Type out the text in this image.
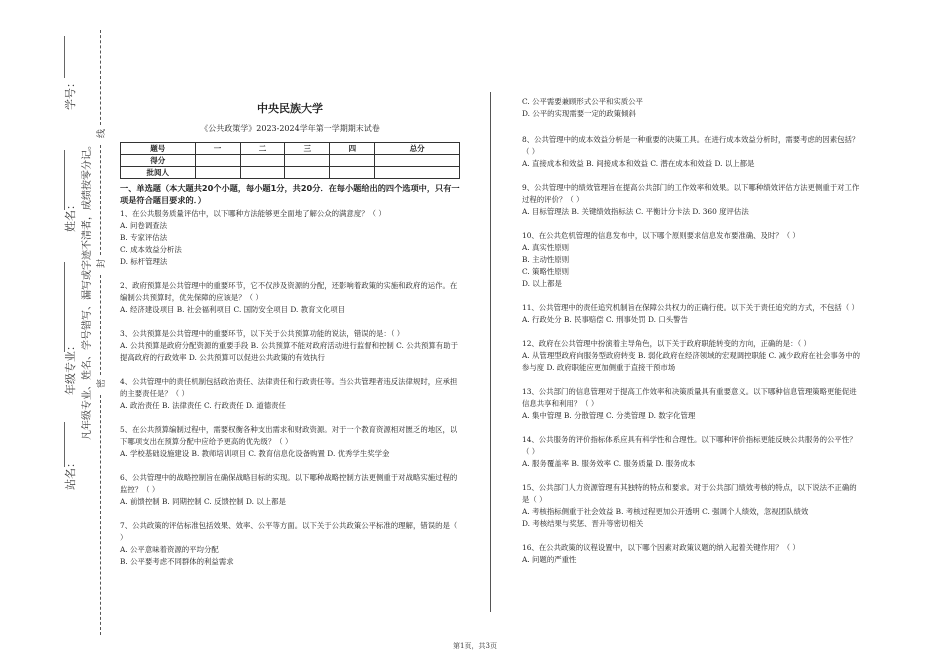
学号：
姓名：
年级专业：
站名：
凡年级专业、姓名、学号错写、漏写或字迹不清者，成绩按零分记。
线
封
密
中央民族大学
《公共政策学》2023-2024学年第一学期期末试卷
题号	一	二	三	四	总分
得分					
批阅人					
一、单选题（本大题共20个小题，每小题1分，共20分．在每小题给出的四个选项中，只有一项是符合题目要求的．）
1、在公共服务质量评估中，以下哪种方法能够更全面地了解公众的满意度？（ ）
A. 问卷调查法
B. 专家评估法
C. 成本效益分析法
D. 标杆管理法
2、政府预算是公共管理中的重要环节，它不仅涉及资源的分配，还影响着政策的实施和政府的运作。在编制公共预算时，优先保障的应该是？（ ）
A. 经济建设项目 B. 社会福利项目 C. 国防安全项目 D. 教育文化项目
3、公共预算是公共管理中的重要环节，以下关于公共预算功能的说法，错误的是：（ ）
A. 公共预算是政府分配资源的重要手段 B. 公共预算不能对政府活动进行监督和控制 C. 公共预算有助于提高政府的行政效率 D. 公共预算可以促进公共政策的有效执行
4、公共管理中的责任机制包括政治责任、法律责任和行政责任等。当公共管理者违反法律规时，应承担的主要责任是？（ ）
A. 政治责任 B. 法律责任 C. 行政责任 D. 道德责任
5、在公共预算编制过程中，需要权衡各种支出需求和财政资源。对于一个教育资源相对匮乏的地区，以下哪项支出在预算分配中应给予更高的优先级？（ ）
A. 学校基础设施建设 B. 教师培训项目 C. 教育信息化设备购置 D. 优秀学生奖学金
6、公共管理中的战略控制旨在确保战略目标的实现。以下哪种战略控制方法更侧重于对战略实施过程的监控？（ ）
A. 前馈控制 B. 同期控制 C. 反馈控制 D. 以上都是
7、公共政策的评估标准包括效果、效率、公平等方面。以下关于公共政策公平标准的理解，错误的是（ ）
A. 公平意味着资源的平均分配
B. 公平要考虑不同群体的利益需求
C. 公平需要兼顾形式公平和实质公平
D. 公平的实现需要一定的政策倾斜
8、公共管理中的成本效益分析是一种重要的决策工具。在进行成本效益分析时，需要考虑的因素包括？（ ）
A. 直接成本和效益 B. 间接成本和效益 C. 潜在成本和效益 D. 以上都是
9、公共管理中的绩效管理旨在提高公共部门的工作效率和效果。以下哪种绩效评估方法更侧重于对工作过程的评价？（ ）
A. 目标管理法 B. 关键绩效指标法 C. 平衡计分卡法 D. 360 度评估法
10、在公共危机管理的信息发布中，以下哪个原则要求信息发布要准确、及时？（ ）
A. 真实性原则
B. 主动性原则
C. 策略性原则
D. 以上都是
11、公共管理中的责任追究机制旨在保障公共权力的正确行使。以下关于责任追究的方式，不包括（ ）
A. 行政处分 B. 民事赔偿 C. 刑事处罚 D. 口头警告
12、政府在公共管理中扮演着主导角色，以下关于政府职能转变的方向，正确的是：（ ）
A. 从管理型政府向服务型政府转变 B. 弱化政府在经济领域的宏观调控职能 C. 减少政府在社会事务中的参与度 D. 政府职能应更加侧重于直接干预市场
13、公共部门的信息管理对于提高工作效率和决策质量具有重要意义。以下哪种信息管理策略更能促进信息共享和利用？（ ）
A. 集中管理 B. 分散管理 C. 分类管理 D. 数字化管理
14、公共服务的评价指标体系应具有科学性和合理性。以下哪种评价指标更能反映公共服务的公平性？（ ）
A. 服务覆盖率 B. 服务效率 C. 服务质量 D. 服务成本
15、公共部门人力资源管理有其独特的特点和要求。对于公共部门绩效考核的特点，以下说法不正确的是（ ）
A. 考核指标侧重于社会效益 B. 考核过程更加公开透明 C. 强调个人绩效，忽视团队绩效
D. 考核结果与奖惩、晋升等密切相关
16、在公共政策的议程设置中，以下哪个因素对政策议题的纳入起着关键作用？（ ）
A. 问题的严重性
第1页，共3页
